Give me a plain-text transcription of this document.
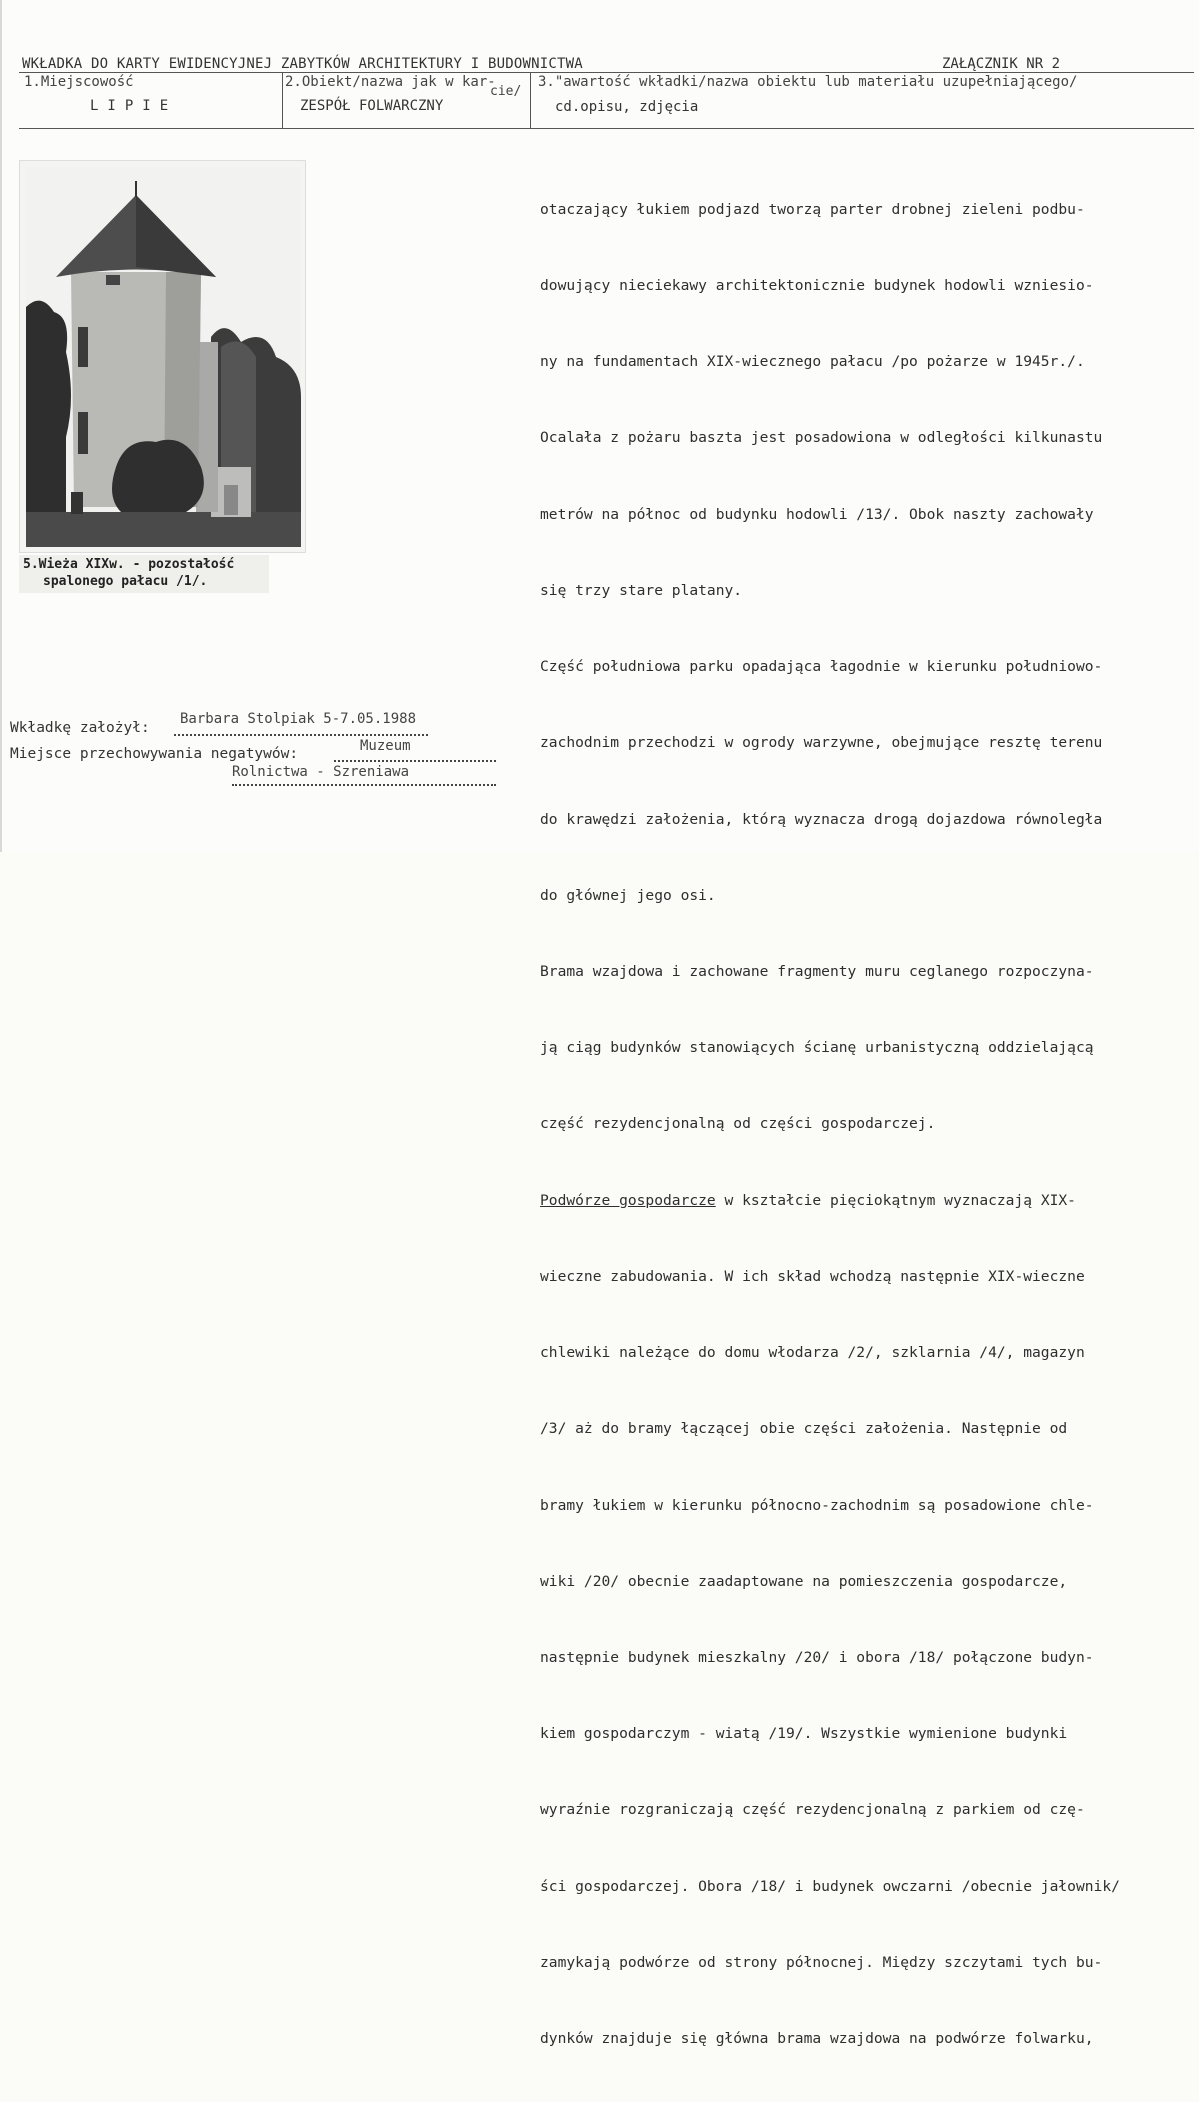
WKŁADKA DO KARTY EWIDENCYJNEJ ZABYTKÓW ARCHITEKTURY I BUDOWNICTWA	ZAŁĄCZNIK NR 2
1.Miejscowość
LIPIE
2.Obiekt/nazwa jak w kar-
cie/
ZESPÓŁ FOLWARCZNY
3."awartość wkładki/nazwa obiektu lub materiału uzupełniającego/
cd.opisu, zdjęcia
5.Wieża XIXw. - pozostałość
spalonego pałacu /1/.

otaczający łukiem podjazd tworzą parter drobnej zieleni podbu-

dowujący nieciekawy architektonicznie budynek hodowli wzniesio-

ny na fundamentach XIX-wiecznego pałacu /po pożarze w 1945r./.

Ocalała z pożaru baszta jest posadowiona w odległości kilkunastu

metrów na północ od budynku hodowli /13/. Obok naszty zachowały

się trzy stare platany.

Część południowa parku opadająca łagodnie w kierunku południowo-

zachodnim przechodzi w ogrody warzywne, obejmujące resztę terenu

do krawędzi założenia, którą wyznacza drogą dojazdowa równoległa

do głównej jego osi.

Brama wzajdowa i zachowane fragmenty muru ceglanego rozpoczyna-

ją ciąg budynków stanowiących ścianę urbanistyczną oddzielającą

część rezydencjonalną od części gospodarczej.

Podwórze gospodarcze w kształcie pięciokątnym wyznaczają XIX-

wieczne zabudowania. W ich skład wchodzą następnie XIX-wieczne

chlewiki należące do domu włodarza /2/, szklarnia /4/, magazyn

/3/ aż do bramy łączącej obie części założenia. Następnie od

bramy łukiem w kierunku północno-zachodnim są posadowione chle-

wiki /20/ obecnie zaadaptowane na pomieszczenia gospodarcze,

następnie budynek mieszkalny /20/ i obora /18/ połączone budyn-

kiem gospodarczym - wiatą /19/. Wszystkie wymienione budynki

wyraźnie rozgraniczają część rezydencjonalną z parkiem od czę-

ści gospodarczej. Obora /18/ i budynek owczarni /obecnie jałownik/

zamykają podwórze od strony północnej. Między szczytami tych bu-

dynków znajduje się główna brama wzajdowa na podwórze folwarku,

Wkładkę założył:
Barbara Stolpiak 5-7.05.1988
Miejsce przechowywania negatywów:	Muzeum
Rolnictwa - Szreniawa
